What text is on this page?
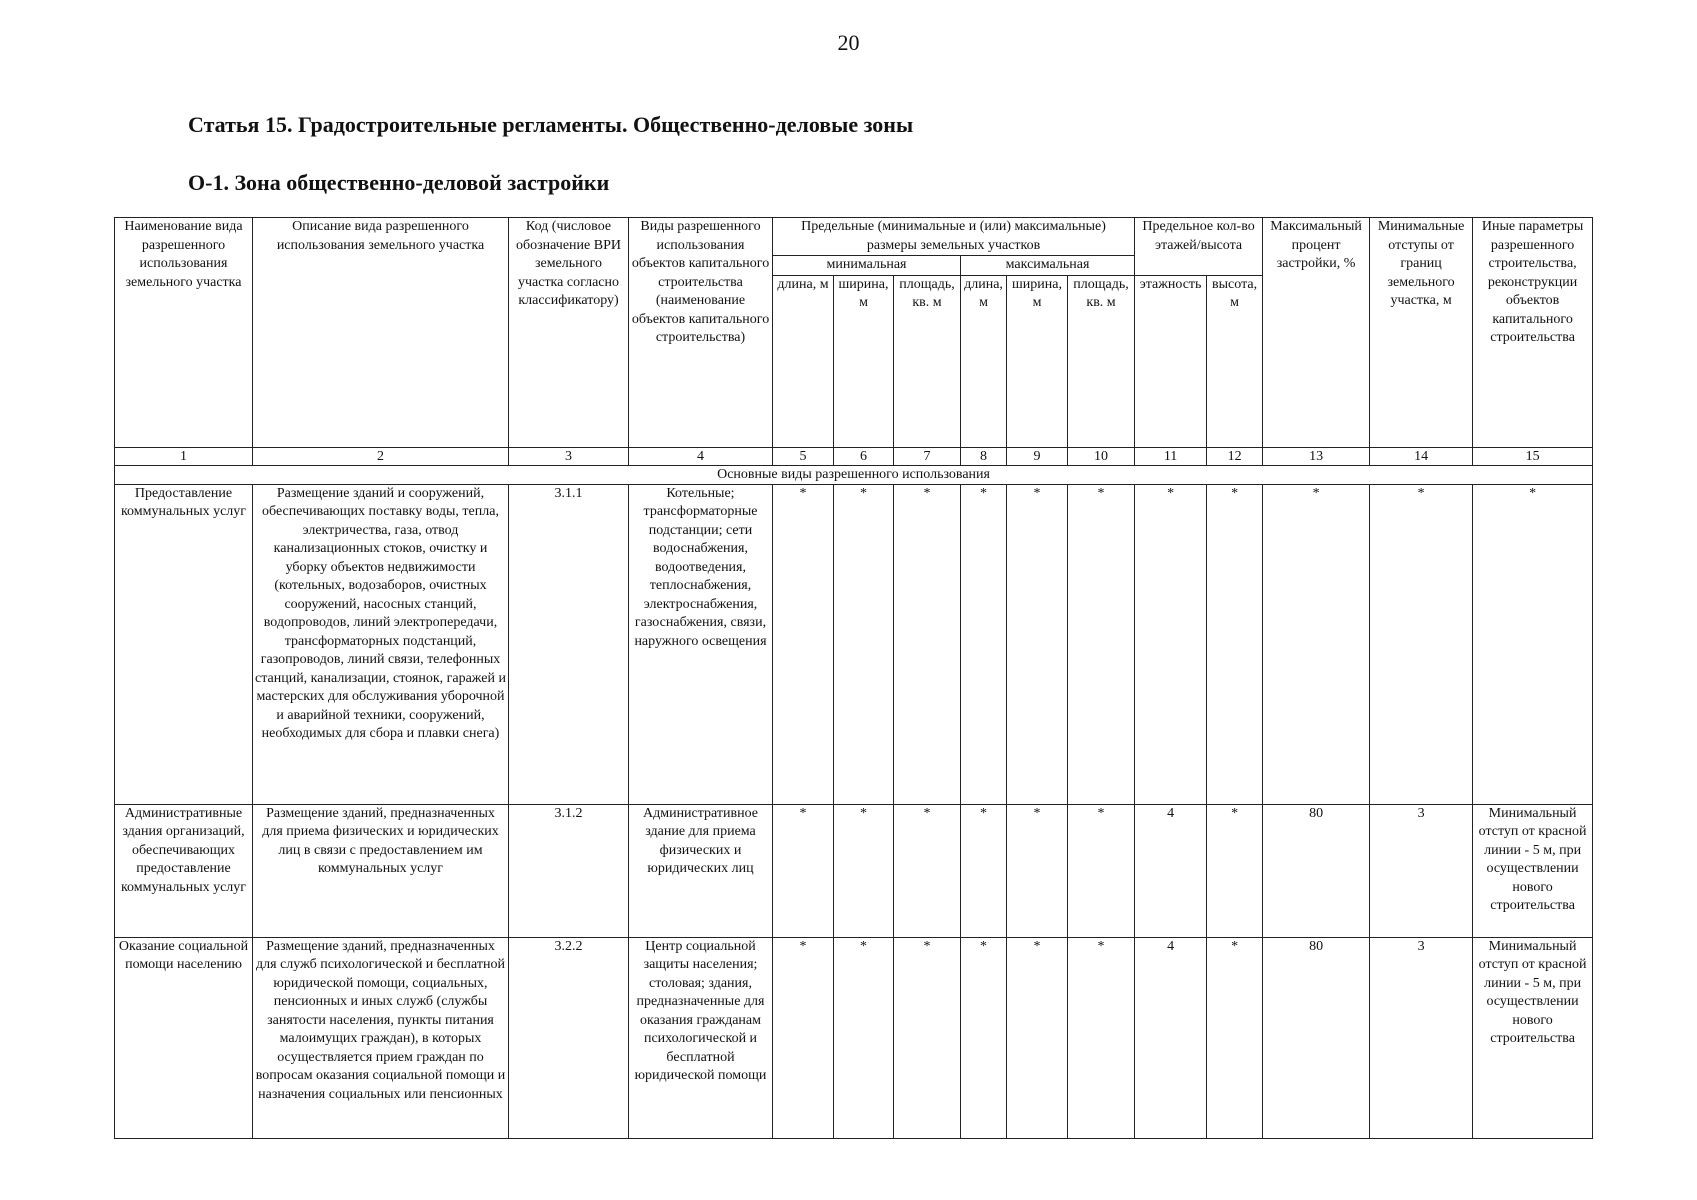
20
Статья 15. Градостроительные регламенты. Общественно-деловые зоны
О-1. Зона общественно-деловой застройки
Наименование вида разрешенного использования земельного участка	Описание вида разрешенного использования земельного участка	Код (числовое обозначение ВРИ земельного участка согласно классификатору)	Виды разрешенного использования объектов капитального строительства (наименование объектов капитального строительства)	Предельные (минимальные и (или) максимальные) размеры земельных участков						Предельное кол-во этажей/высота		Максимальный процент застройки, %	Минимальные отступы от границ земельного участка, м	Иные параметры разрешенного строительства, реконструкции объектов капитального строительства
				минимальная			максимальная							
				длина, м	ширина, м	площадь, кв. м	длина, м	ширина, м	площадь, кв. м	этажность	высота, м			
1	2	3	4	5	6	7	8	9	10	11	12	13	14	15
Основные виды разрешенного использования														
Предоставление коммунальных услуг	Размещение зданий и сооружений, обеспечивающих поставку воды, тепла, электричества, газа, отвод канализационных стоков, очистку и уборку объектов недвижимости (котельных, водозаборов, очистных сооружений, насосных станций, водопроводов, линий электропередачи, трансформаторных подстанций, газопроводов, линий связи, телефонных станций, канализации, стоянок, гаражей и мастерских для обслуживания уборочной и аварийной техники, сооружений, необходимых для сбора и плавки снега)	3.1.1	Котельные; трансформаторные подстанции; сети водоснабжения, водоотведения, теплоснабжения, электроснабжения, газоснабжения, связи, наружного освещения	*	*	*	*	*	*	*	*	*	*	*
Административные здания организаций, обеспечивающих предоставление коммунальных услуг	Размещение зданий, предназначенных для приема физических и юридических лиц в связи с предоставлением им коммунальных услуг	3.1.2	Административное здание для приема физических и юридических лиц	*	*	*	*	*	*	4	*	80	3	Минимальный отступ от красной линии - 5 м, при осуществлении нового строительства

Оказание социальной помощи населению	Размещение зданий, предназначенных для служб психологической и бесплатной юридической помощи, социальных, пенсионных и иных служб (службы занятости населения, пункты питания малоимущих граждан), в которых осуществляется прием граждан по вопросам оказания социальной помощи и назначения социальных или пенсионных	3.2.2	Центр социальной защиты населения; столовая; здания, предназначенные для оказания гражданам психологической и бесплатной юридической помощи	*	*	*	*	*	*	4	*	80	3	Минимальный отступ от красной линии - 5 м, при осуществлении нового строительства
